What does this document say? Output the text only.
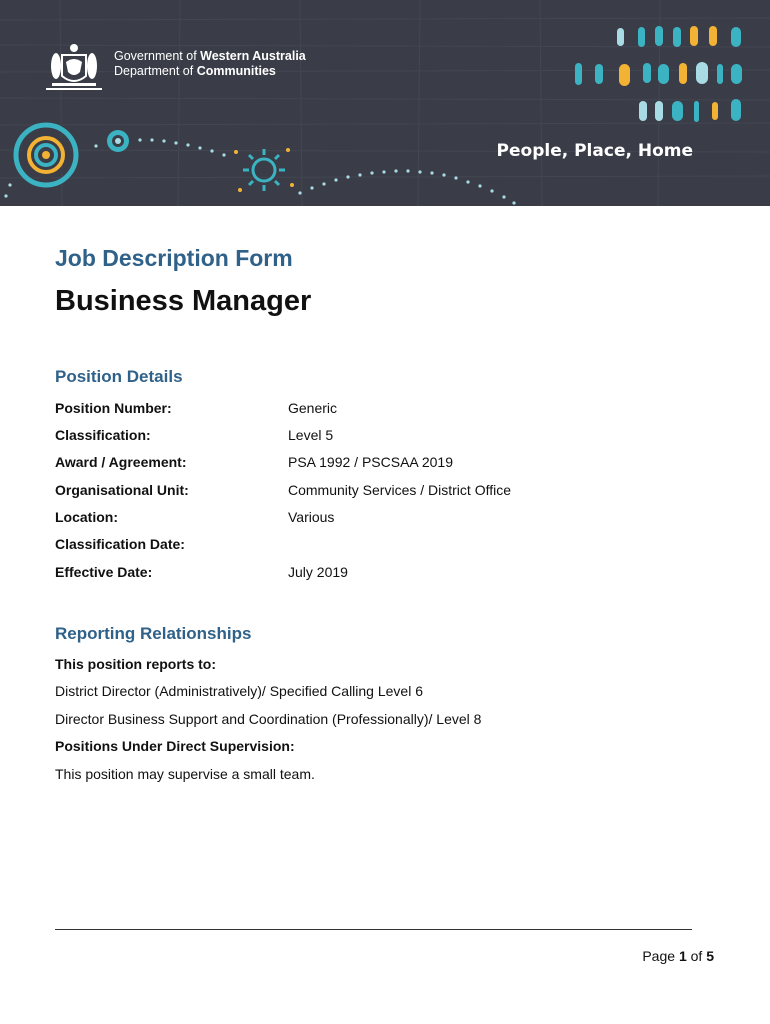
Government of Western Australia
Department of Communities
People, Place, Home
Job Description Form
Business Manager
Position Details
Position Number:	Generic
Classification:	Level 5
Award / Agreement:	PSA 1992 / PSCSAA 2019
Organisational Unit:	Community Services / District Office
Location:	Various
Classification Date:
Effective Date:	July 2019
Reporting Relationships
This position reports to:
District Director (Administratively)/ Specified Calling Level 6
Director Business Support and Coordination (Professionally)/ Level 8
Positions Under Direct Supervision:
This position may supervise a small team.
Page 1 of 5
